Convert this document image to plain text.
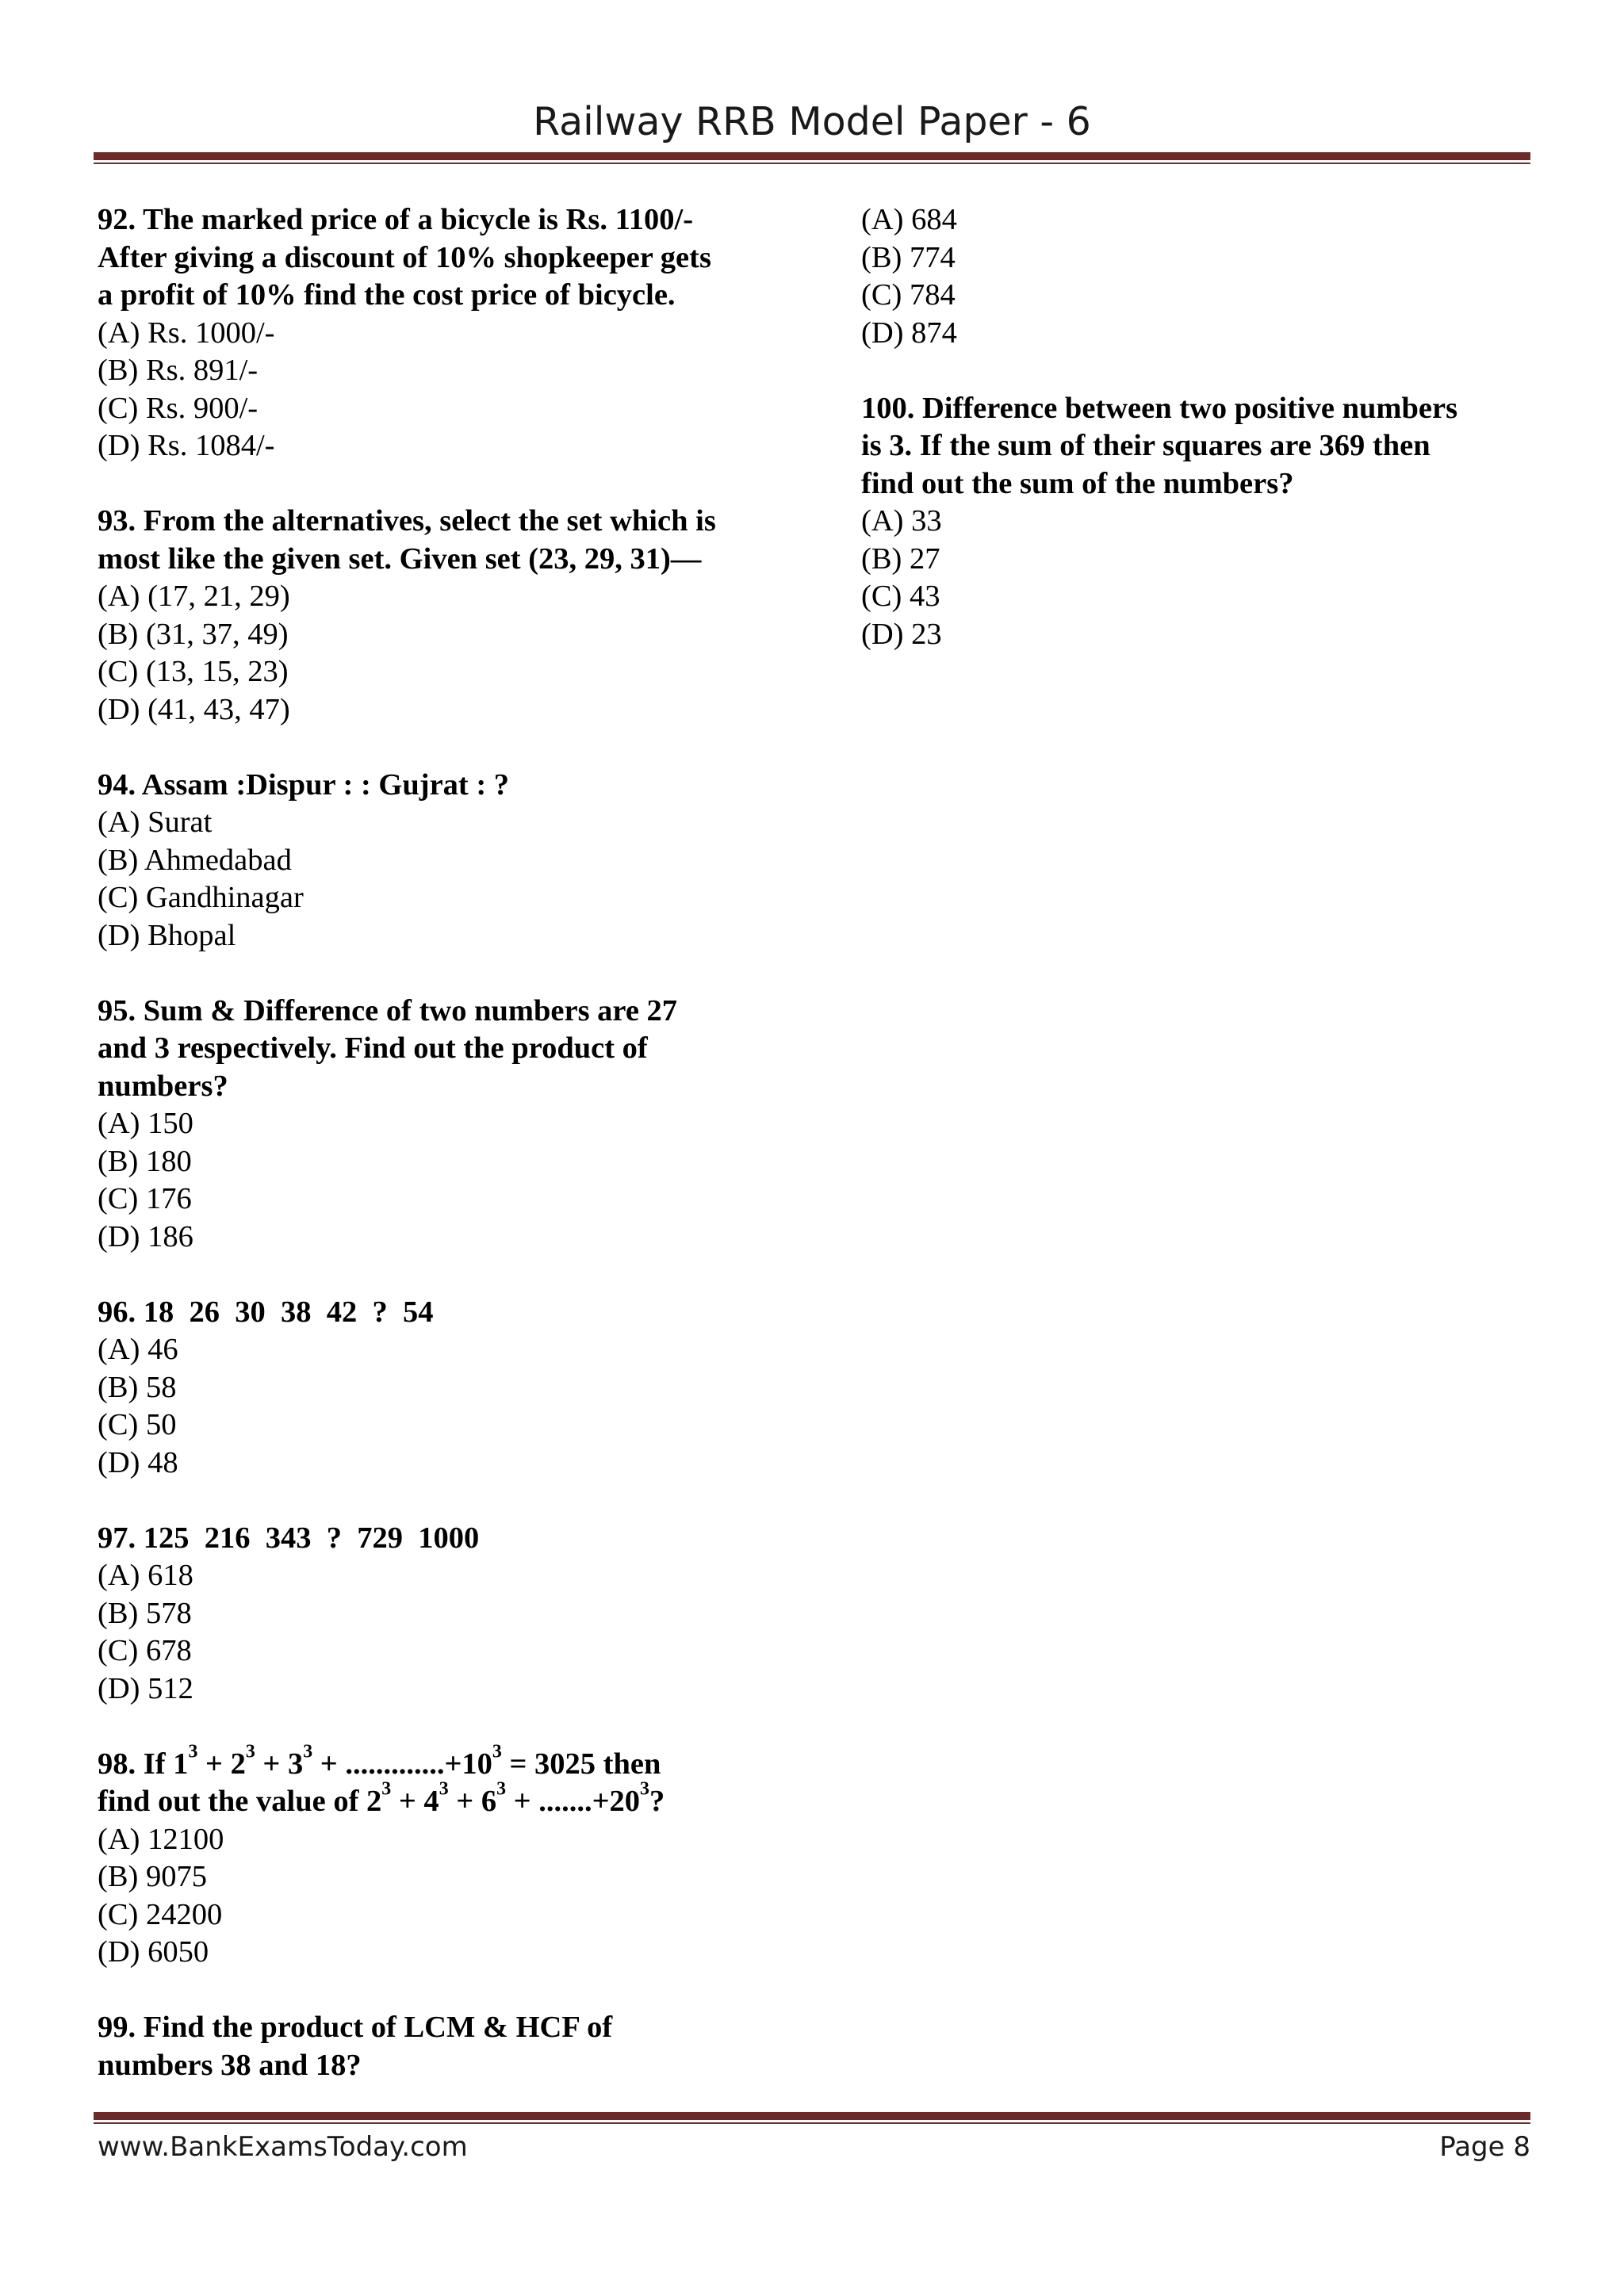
Railway RRB Model Paper - 6
92. The marked price of a bicycle is Rs. 1100/-
After giving a discount of 10% shopkeeper gets
a profit of 10% find the cost price of bicycle.
(A) Rs. 1000/-
(B) Rs. 891/-
(C) Rs. 900/-
(D) Rs. 1084/-
93. From the alternatives, select the set which is
most like the given set. Given set (23, 29, 31)—
(A) (17, 21, 29)
(B) (31, 37, 49)
(C) (13, 15, 23)
(D) (41, 43, 47)
94. Assam :Dispur : : Gujrat : ?
(A) Surat
(B) Ahmedabad
(C) Gandhinagar
(D) Bhopal
95. Sum & Difference of two numbers are 27
and 3 respectively. Find out the product of
numbers?
(A) 150
(B) 180
(C) 176
(D) 186
96. 18  26  30  38  42  ?  54
(A) 46
(B) 58
(C) 50
(D) 48
97. 125  216  343  ?  729  1000
(A) 618
(B) 578
(C) 678
(D) 512
98. If $1^3 + 2^3 + 3^3 + .............+10^3 = 3025$ then
find out the value of $2^3 + 4^3 + 6^3 + .......+20^3$?
(A) 12100
(B) 9075
(C) 24200
(D) 6050
99. Find the product of LCM & HCF of
numbers 38 and 18?
(A) 684
(B) 774
(C) 784
(D) 874
100. Difference between two positive numbers
is 3. If the sum of their squares are 369 then
find out the sum of the numbers?
(A) 33
(B) 27
(C) 43
(D) 23
www.BankExamsToday.com	Page 8
